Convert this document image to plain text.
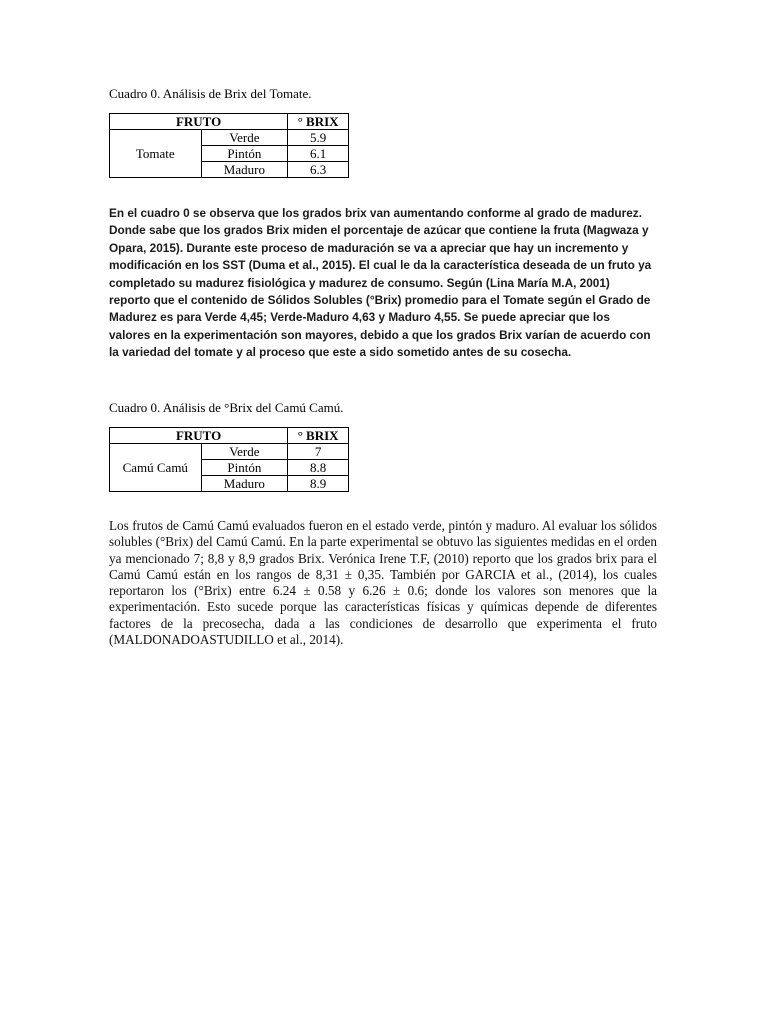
Cuadro 0. Análisis de Brix del Tomate.
FRUTO		° BRIX
Tomate	Verde	5.9
	Pintón	6.1
	Maduro	6.3
En el cuadro 0 se observa que los grados brix van aumentando conforme al grado de madurez. Donde sabe que los grados Brix miden el porcentaje de azúcar que contiene la fruta (Magwaza y Opara, 2015). Durante este proceso de maduración se va a apreciar que hay un incremento y modificación en los SST (Duma et al., 2015). El cual le da la característica deseada de un fruto ya completado su madurez fisiológica y madurez de consumo. Según (Lina María M.A, 2001) reporto que el contenido de Sólidos Solubles (°Brix) promedio para el Tomate según el Grado de Madurez es para Verde 4,45; Verde-Maduro 4,63 y Maduro 4,55. Se puede apreciar que los valores en la experimentación son mayores, debido a que los grados Brix varían de acuerdo con la variedad del tomate y al proceso que este a sido sometido antes de su cosecha.
Cuadro 0. Análisis de °Brix del Camú Camú.
FRUTO		° BRIX
Camú Camú	Verde	7
	Pintón	8.8
	Maduro	8.9

Los frutos de Camú Camú evaluados fueron en el estado verde, pintón y maduro. Al evaluar los sólidos solubles (°Brix) del Camú Camú. En la parte experimental se obtuvo las siguientes medidas en el orden ya mencionado 7; 8,8 y 8,9 grados Brix. Verónica Irene T.F, (2010) reporto que los grados brix para el Camú Camú están en los rangos de 8,31 ± 0,35. También por GARCIA et al., (2014), los cuales reportaron los (°Brix) entre 6.24 ± 0.58 y 6.26 ± 0.6; donde los valores son menores que la experimentación. Esto sucede porque las características físicas y químicas depende de diferentes factores de la precosecha, dada a las condiciones de desarrollo que experimenta el fruto (MALDONADOASTUDILLO et al., 2014).
